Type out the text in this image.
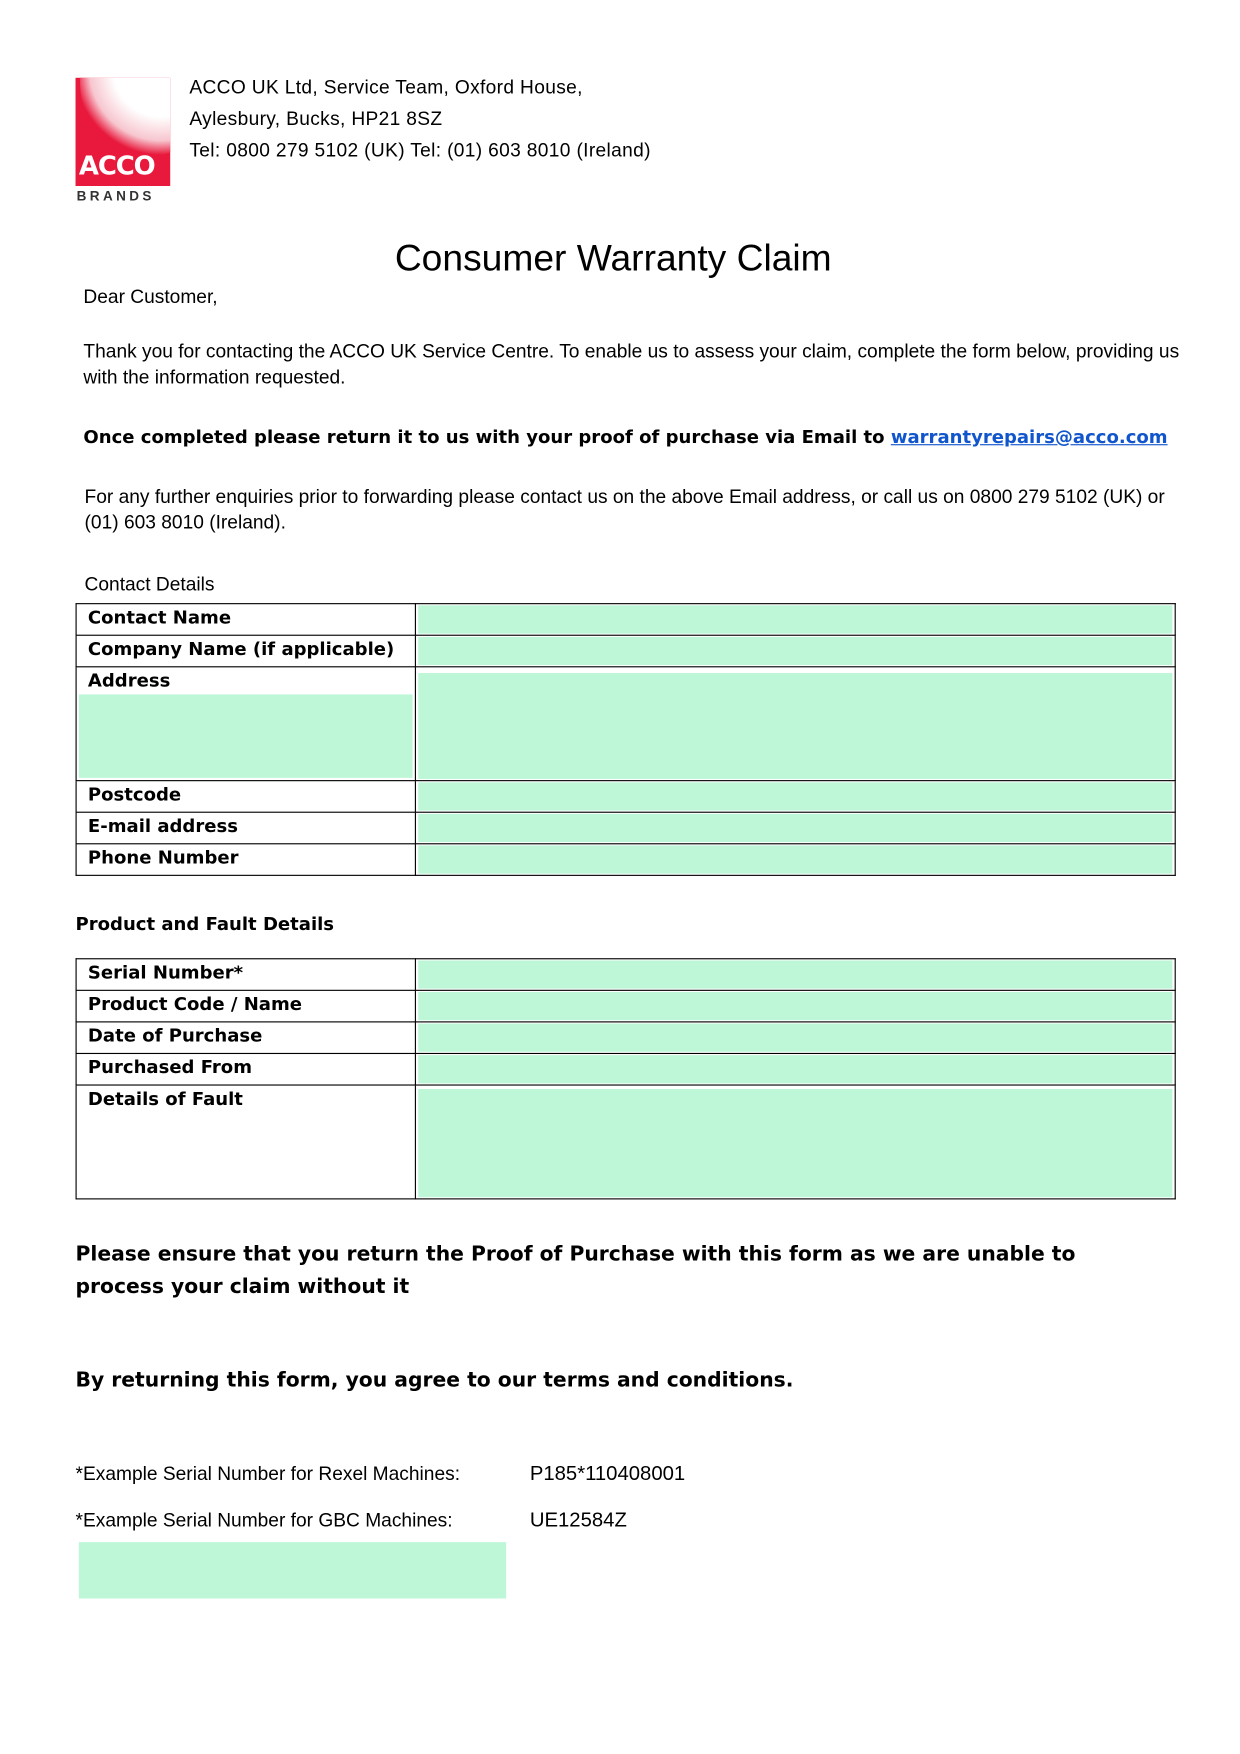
ACCO
BRANDS
ACCO UK Ltd, Service Team, Oxford House,
Aylesbury, Bucks, HP21 8SZ
Tel: 0800 279 5102 (UK) Tel: (01) 603 8010 (Ireland)
Consumer Warranty Claim
Dear Customer,
Thank you for contacting the ACCO UK Service Centre. To enable us to assess your claim, complete the form below, providing us with the information requested.
Once completed please return it to us with your proof of purchase via Email to warrantyrepairs@acco.com
For any further enquiries prior to forwarding please contact us on the above Email address, or call us on 0800 279 5102 (UK) or (01) 603 8010 (Ireland).
Contact Details
Contact Name	

Company Name (if applicable)	

Address

Postcode	

E-mail address	

Phone Number	
Product and Fault Details
Serial Number*	

Product Code / Name	

Date of Purchase	

Purchased From	

Details of Fault	
Please ensure that you return the Proof of Purchase with this form as we are unable to process your claim without it
By returning this form, you agree to our terms and conditions.
*Example Serial Number for Rexel Machines:	P185*110408001
*Example Serial Number for GBC Machines:	UE12584Z
